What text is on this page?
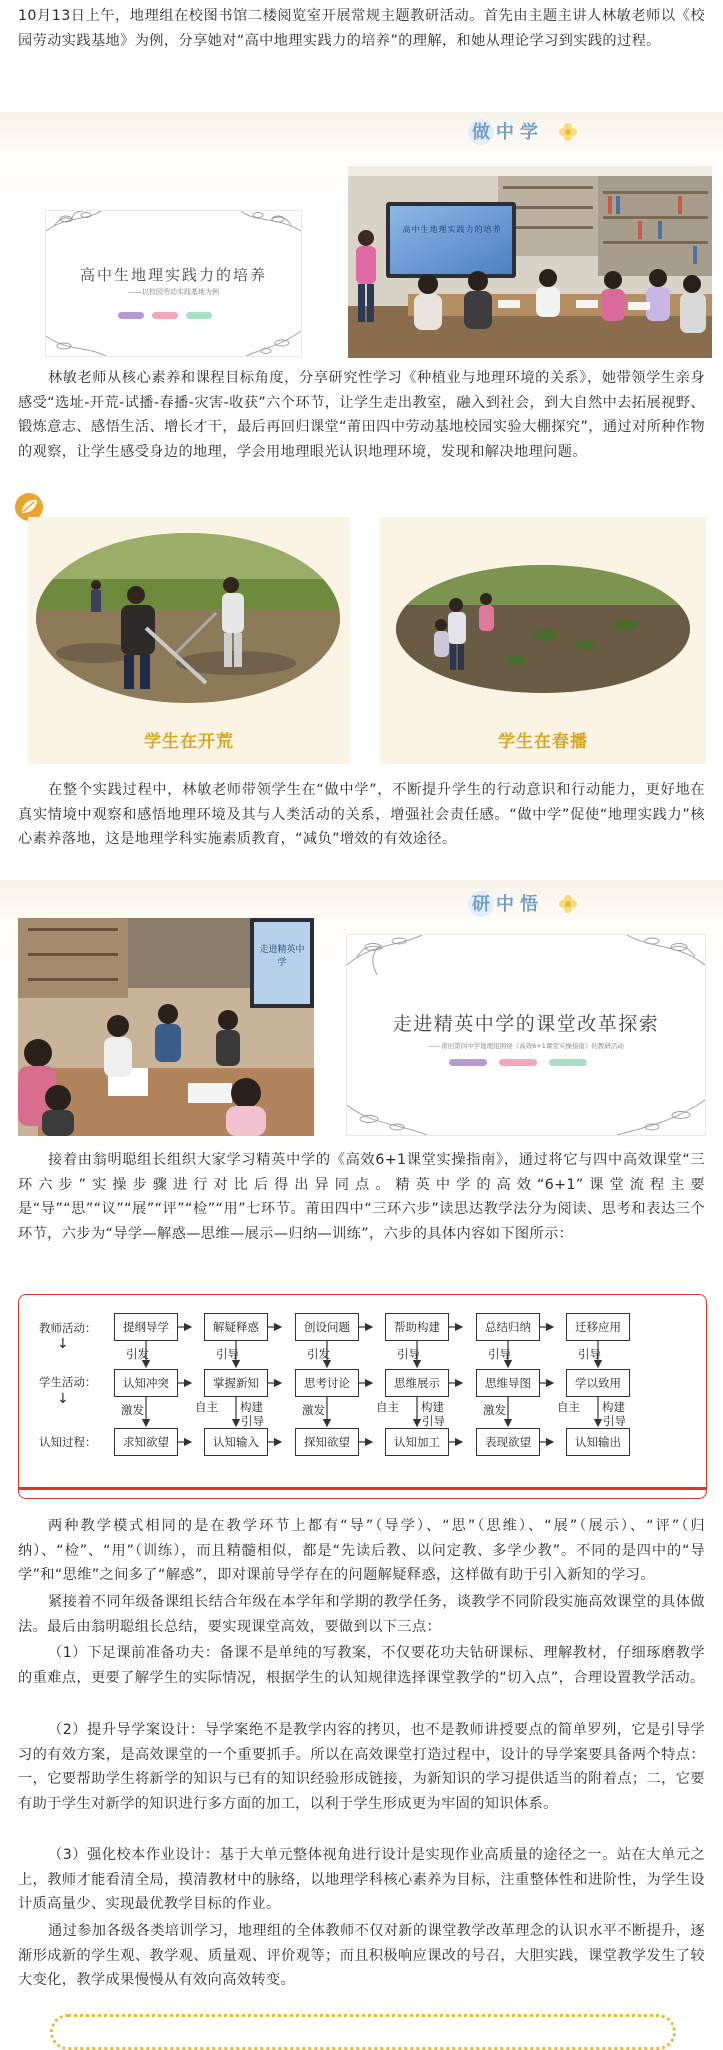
10月13日上午，地理组在校图书馆二楼阅览室开展常规主题教研活动。首先由主题主讲人林敏老师以《校园劳动实践基地》为例，分享她对“高中地理实践力的培养”的理解，和她从理论学习到实践的过程。

做中学
高中生地理实践力的培养
——以校园劳动实践基地为例
高中生地理实践力的培养

林敏老师从核心素养和课程目标角度，分享研究性学习《种植业与地理环境的关系》，她带领学生亲身感受“选址-开荒-试播-春播-灾害-收获”六个环节，让学生走出教室，融入到社会，到大自然中去拓展视野、锻炼意志、感悟生活、增长才干，最后再回归课堂“莆田四中劳动基地校园实验大棚探究”，通过对所种作物的观察，让学生感受身边的地理，学会用地理眼光认识地理环境，发现和解决地理问题。

学生在开荒	学生在春播

在整个实践过程中，林敏老师带领学生在“做中学”，不断提升学生的行动意识和行动能力，更好地在真实情境中观察和感悟地理环境及其与人类活动的关系，增强社会责任感。“做中学”促使“地理实践力”核心素养落地，这是地理学科实施素质教育，“减负”增效的有效途径。

研中悟
走进精英中学
走进精英中学的课堂改革探索
——莆田第四中学地理组围绕《高效6+1课堂实操指南》的教研活动

接着由翁明聪组长组织大家学习精英中学的《高效6+1课堂实操指南》，通过将它与四中高效课堂“三环六步”实操步骤进行对比后得出异同点。精英中学的高效“6+1”课堂流程主要是“导”“思”“议”“展”“评”“检”“用”七环节。莆田四中“三环六步”读思达教学法分为阅读、思考和表达三个环节，六步为“导学—解惑—思维—展示—归纳—训练”，六步的具体内容如下图所示：

教师活动：
学生活动：
认知过程：
↓
↓
提纲导学	解疑释惑	创设问题	帮助构建	总结归纳	迁移应用
引发	引导	引发	引导	引导	引导
认知冲突	掌握新知	思考讨论	思维展示	思维导图	学以致用
自主 构建	自主 构建	自主 构建
激发	激发	激发
引导	引导	引导
求知欲望	认知输入	探知欲望	认知加工	表现欲望	认知输出

两种教学模式相同的是在教学环节上都有“导”（导学）、“思”（思维）、“展”（展示）、“评”（归纳）、“检”、“用”（训练），而且精髓相似，都是“先读后教、以问定教、多学少教”。不同的是四中的“导学”和“思维”之间多了“解惑”，即对课前导学存在的问题解疑释惑，这样做有助于引入新知的学习。

紧接着不同年级备课组长结合年级在本学年和学期的教学任务，谈教学不同阶段实施高效课堂的具体做法。最后由翁明聪组长总结，要实现课堂高效，要做到以下三点：

（1）下足课前准备功夫：备课不是单纯的写教案，不仅要花功夫钻研课标、理解教材，仔细琢磨教学的重难点，更要了解学生的实际情况，根据学生的认知规律选择课堂教学的“切入点”，合理设置教学活动。

（2）提升导学案设计：导学案绝不是教学内容的拷贝，也不是教师讲授要点的简单罗列，它是引导学习的有效方案，是高效课堂的一个重要抓手。所以在高效课堂打造过程中，设计的导学案要具备两个特点：一，它要帮助学生将新学的知识与已有的知识经验形成链接，为新知识的学习提供适当的附着点；二，它要有助于学生对新学的知识进行多方面的加工，以利于学生形成更为牢固的知识体系。

（3）强化校本作业设计：基于大单元整体视角进行设计是实现作业高质量的途径之一。站在大单元之上，教师才能看清全局，摸清教材中的脉络，以地理学科核心素养为目标，注重整体性和进阶性，为学生设计质高量少、实现最优教学目标的作业。

通过参加各级各类培训学习，地理组的全体教师不仅对新的课堂教学改革理念的认识水平不断提升，逐渐形成新的学生观、教学观、质量观、评价观等；而且积极响应课改的号召，大胆实践，课堂教学发生了较大变化，教学成果慢慢从有效向高效转变。
